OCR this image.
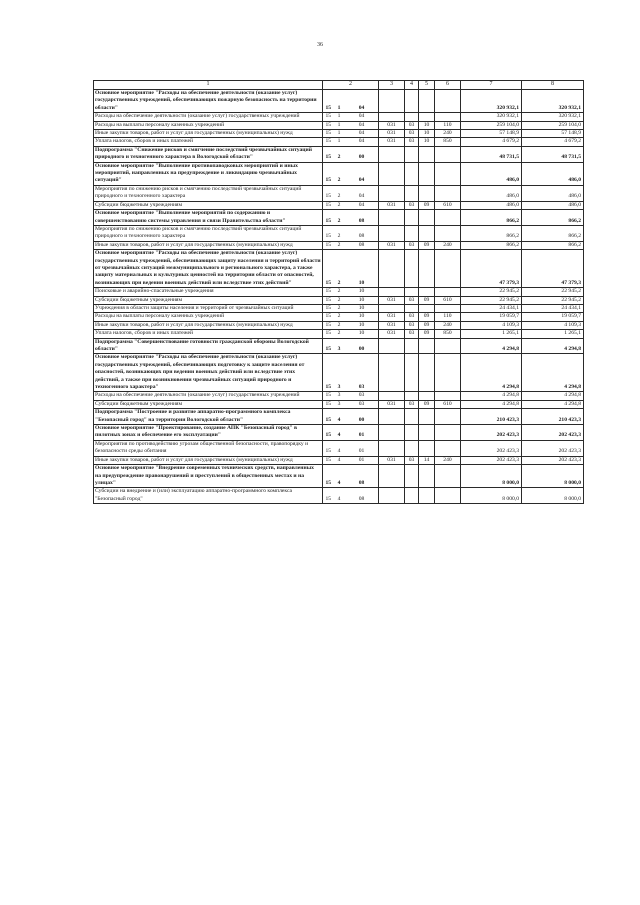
36
1	2			3	4	5	6	7	8
Основное мероприятие "Расходы на обеспечение деятельности (оказание услуг) государственных учреждений, обеспечивающих пожарную безопасность на территории области"	15	1	04						320 932,1	320 932,1
Расходы на обеспечение деятельности (оказание услуг) государственных учреждений	15	1	04						320 932,1	320 932,1
Расходы на выплаты персоналу казенных учреждений	15	1	04		031	03	10	110	259 104,0	259 104,0
Иные закупки товаров, работ и услуг для государственных (муниципальных) нужд	15	1	04		031	03	10	240	57 148,9	57 148,9
Уплата налогов, сборов и иных платежей	15	1	04		031	03	10	850	4 679,2	4 679,2
Подпрограмма "Снижение рисков и смягчение последствий чрезвычайных ситуаций природного и техногенного характера в Вологодской области"	15	2	00						48 731,5	48 731,5
Основное мероприятие "Выполнение противопаводковых мероприятий и иных мероприятий, направленных на предупреждение и ликвидацию чрезвычайных ситуаций"	15	2	04						486,0	486,0
Мероприятия по снижению рисков и смягчению последствий чрезвычайных ситуаций природного и техногенного характера	15	2	04						486,0	486,0
Субсидии бюджетным учреждениям	15	2	04		031	03	09	610	486,0	486,0
Основное мероприятие "Выполнение мероприятий по содержанию и совершенствованию системы управления и связи Правительства области"	15	2	08						866,2	866,2
Мероприятия по снижению рисков и смягчению последствий чрезвычайных ситуаций природного и техногенного характера	15	2	08						866,2	866,2
Иные закупки товаров, работ и услуг для государственных (муниципальных) нужд	15	2	08		031	03	09	240	866,2	866,2
Основное мероприятие "Расходы на обеспечение деятельности (оказание услуг) государственных учреждений, обеспечивающих защиту населения и территорий области от чрезвычайных ситуаций межмуниципального и регионального характера, а также защиту материальных и культурных ценностей на территории области от опасностей, возникающих при ведении военных действий или вследствие этих действий"	15	2	10						47 379,3	47 379,3
Поисковые и аварийно-спасательные учреждения	15	2	10						22 945,2	22 945,2
Субсидии бюджетным учреждениям	15	2	10		031	03	09	610	22 945,2	22 945,2
Учреждения в области защиты населения и территорий от чрезвычайных ситуаций	15	2	10						24 434,1	24 434,1
Расходы на выплаты персоналу казенных учреждений	15	2	10		031	03	09	110	19 059,7	19 059,7
Иные закупки товаров, работ и услуг для государственных (муниципальных) нужд	15	2	10		031	03	09	240	4 109,3	4 109,3
Уплата налогов, сборов и иных платежей	15	2	10		031	03	09	850	1 265,1	1 265,1
Подпрограмма "Совершенствование готовности гражданской обороны Вологодской области"	15	3	00						4 294,8	4 294,8
Основное мероприятие "Расходы на обеспечение деятельности (оказание услуг) государственных учреждений, обеспечивающих подготовку к защите населения от опасностей, возникающих при ведении военных действий или вследствие этих действий, а также при возникновении чрезвычайных ситуаций природного и техногенного характера"	15	3	03						4 294,8	4 294,8
Расходы на обеспечение деятельности (оказание услуг) государственных учреждений	15	3	03						4 294,8	4 294,8
Субсидии бюджетным учреждениям	15	3	03		031	03	09	610	4 294,8	4 294,8
Подпрограмма "Построение и развитие аппаратно-программного комплекса "Безопасный город" на территории Вологодской области"	15	4	00						210 423,3	210 423,3
Основное мероприятие "Проектирование, создание АПК "Безопасный город" в пилотных зонах и обеспечение его эксплуатации"	15	4	01						202 423,3	202 423,3
Мероприятия по противодействию угрозам общественной безопасности, правопорядку и безопасности среды обитания	15	4	01						202 423,3	202 423,3
Иные закупки товаров, работ и услуг для государственных (муниципальных) нужд	15	4	01		031	03	14	240	202 423,3	202 423,3
Основное мероприятие "Внедрение современных технических средств, направленных на предупреждение правонарушений и преступлений в общественных местах и на улицах"	15	4	08						8 000,0	8 000,0
Субсидии на внедрение и (или) эксплуатацию аппаратно-программного комплекса "Безопасный город"	15	4	08						8 000,0	8 000,0
